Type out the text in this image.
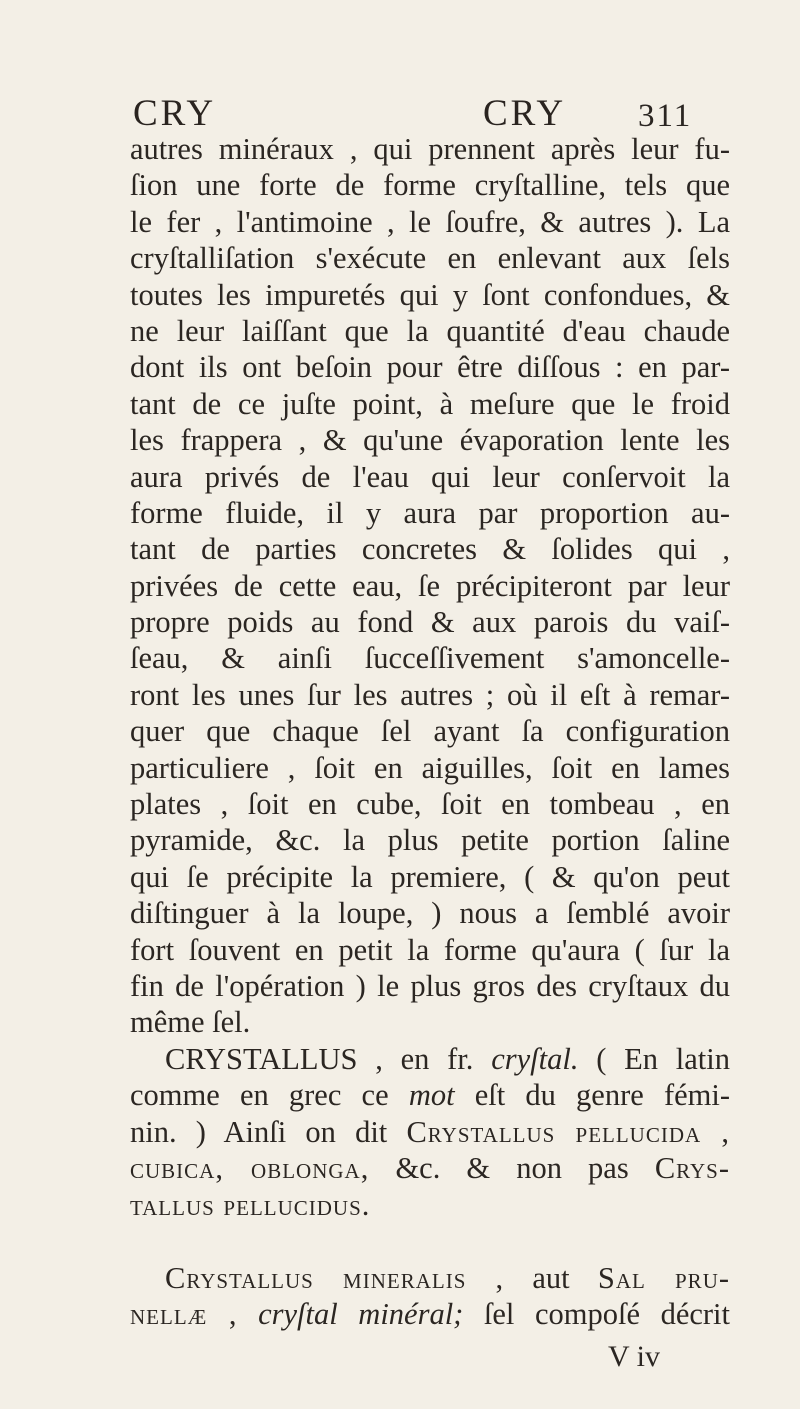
CRY	CRY 311
autres minéraux , qui prennent après leur fu-
ſion une forte de forme cryſtalline, tels que
le fer , l'antimoine , le ſoufre, & autres ). La
cryſtalliſation s'exécute en enlevant aux ſels
toutes les impuretés qui y ſont confondues, &
ne leur laiſſant que la quantité d'eau chaude
dont ils ont beſoin pour être diſſous : en par-
tant de ce juſte point, à meſure que le froid
les frappera , & qu'une évaporation lente les
aura privés de l'eau qui leur conſervoit la
forme fluide, il y aura par proportion au-
tant de parties concretes & ſolides qui ,
privées de cette eau, ſe précipiteront par leur
propre poids au fond & aux parois du vaiſ-
ſeau, & ainſi ſucceſſivement s'amoncelle-
ront les unes ſur les autres ; où il eſt à remar-
quer que chaque ſel ayant ſa configuration
particuliere , ſoit en aiguilles, ſoit en lames
plates , ſoit en cube, ſoit en tombeau , en
pyramide, &c. la plus petite portion ſaline
qui ſe précipite la premiere, ( & qu'on peut
diſtinguer à la loupe, ) nous a ſemblé avoir
fort ſouvent en petit la forme qu'aura ( ſur la
fin de l'opération ) le plus gros des cryſtaux du
même ſel.
CRYSTALLUS , en fr. cryſtal. ( En latin
comme en grec ce mot eſt du genre fémi-
nin. ) Ainſi on dit Crystallus pellucida ,
cubica, oblonga, &c. & non pas Crys-
tallus pellucidus.
Crystallus mineralis , aut Sal pru-
nellæ , cryſtal minéral; ſel compoſé décrit
V iv
